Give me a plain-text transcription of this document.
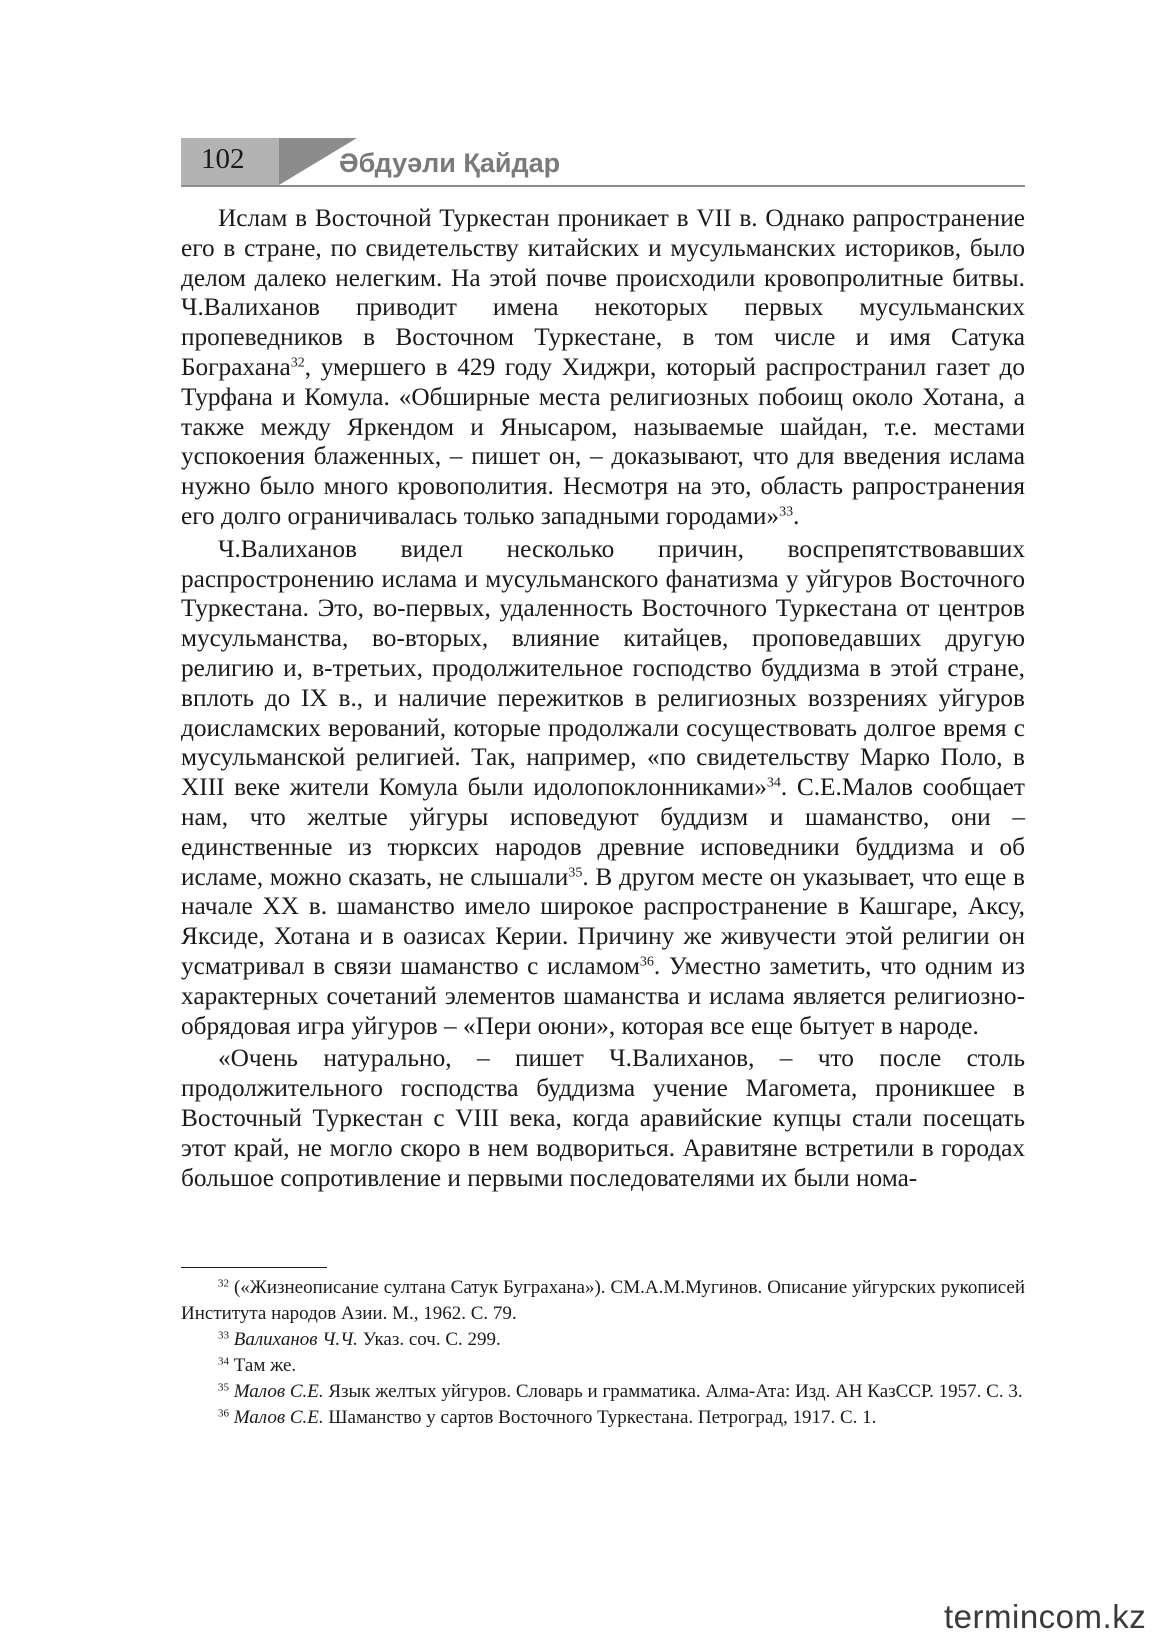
102	Әбдуәли Қайдар

Ислам в Восточной Туркестан проникает в VII в. Однако рапространение его в стране, по свидетельству китайских и мусульманских историков, было делом далеко нелегким. На этой почве происходили кровопролитные битвы. Ч.Валиханов приводит имена некоторых первых мусульманских пропеведников в Восточном Туркестане, в том числе и имя Сатука Бограхана$^{32}$, умершего в 429 году Хиджри, который распространил газет до Турфана и Комула. «Обширные места религиозных побоищ около Хотана, а также между Яркендом и Янысаром, называемые шайдан, т.е. местами успокоения блаженных, – пишет он, – доказывают, что для введения ислама нужно было много кровополития. Несмотря на это, область рапространения его долго ограничивалась только западными городами»$^{33}$.

Ч.Валиханов видел несколько причин, воспрепятствовавших распростронению ислама и мусульманского фанатизма у уйгуров Восточного Туркестана. Это, во-первых, удаленность Восточного Туркестана от центров мусульманства, во-вторых, влияние китайцев, проповедавших другую религию и, в-третьих, продолжительное господство буддизма в этой стране, вплоть до IX в., и наличие пережитков в религиозных воззрениях уйгуров доисламских верований, которые продолжали сосуществовать долгое время с мусульманской религией. Так, например, «по свидетельству Марко Поло, в XIII веке жители Комула были идолопоклонниками»$^{34}$. С.Е.Малов сообщает нам, что желтые уйгуры исповедуют буддизм и шаманство, они – единственные из тюрксих народов древние исповедники буддизма и об исламе, можно сказать, не слышали$^{35}$. В другом месте он указывает, что еще в начале XX в. шаманство имело широкое распространение в Кашгаре, Аксу, Яксиде, Хотана и в оазисах Керии. Причину же живучести этой религии он усматривал в связи шаманство с исламом$^{36}$. Уместно заметить, что одним из характерных сочетаний элементов шаманства и ислама является религиозно-обрядовая игра уйгуров – «Пери оюни», которая все еще бытует в народе.

«Очень натурально, – пишет Ч.Валиханов, – что после столь продолжительного господства буддизма учение Магомета, проникшее в Восточный Туркестан с VIII века, когда аравийские купцы стали посещать этот край, не могло скоро в нем водвориться. Аравитяне встретили в городах большое сопротивление и первыми последователями их были нома-

$^{32}$ («Жизнеописание султана Сатук Бугрaхана»). СМ.А.М.Мугинов. Описание уйгурских рукописей Института народов Азии. М., 1962. С. 79.

$^{33}$ Валиханов Ч.Ч. Указ. соч. С. 299.

$^{34}$ Там же.

$^{35}$ Малов С.Е. Язык желтых уйгуров. Словарь и грамматика. Алма-Ата: Изд. АН КазССР. 1957. С. 3.

$^{36}$ Малов С.Е. Шаманство у сартов Восточного Туркестана. Петроград, 1917. С. 1.

termincom.kz
